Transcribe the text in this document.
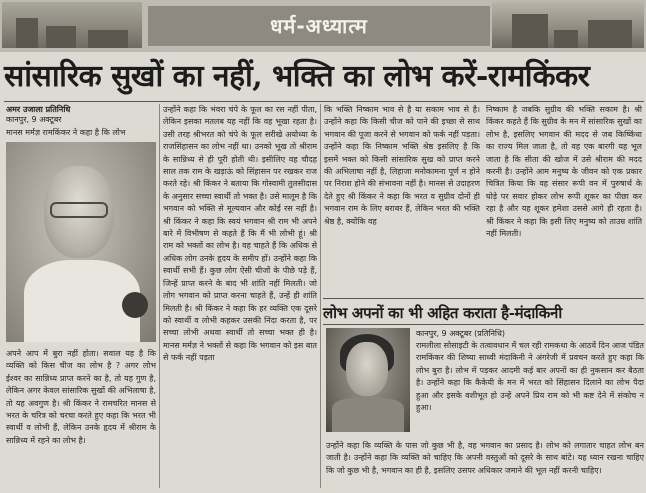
धर्म-अध्यात्म
सांसारिक सुखों का नहीं, भक्ति का लोभ करें-रामकिंकर
अमर उजाला प्रतिनिधि
कानपुर, 9 अक्टूबर

मानस मर्मज्ञ रामकिंकर ने कहा है कि लोभ

अपने आप में बुरा नहीं होता। सवाल यह है कि व्यक्ति को किस चीज का लोभ है ? अगर लोभ ईश्वर का सान्निध्य प्राप्त करने का है, तो यह गुण है, लेकिन अगर केवल सांसारिक सुखों की अभिलाषा है, तो यह अवगुण है। श्री किंकर ने रामचरित मानस से भरत के चरित्र को चरचा करते हुए कहा कि भरत भी स्वार्थी व लोभी हैं, लेकिन उनके हृदय में श्रीराम के सान्निध्य में रहने का लोभ है।

उन्होंने कहा कि भंवरा चंपे के फूल का रस नहीं पीता, लेकिन इसका मतलब यह नहीं कि वह भूखा रहता है। उसी तरह श्रीभरत को चंपे के फूल सरीखे अयोध्या के राजसिंहासन का लोभ नहीं था। उनको भूख तो श्रीराम के सान्निध्य से ही पूरी होती थी। इसीलिए वह चौदह साल तक राम के खड़ाऊं को सिंहासन पर रखकर राज करते रहे। श्री किंकर ने बताया कि गोस्वामी तुलसीदास के अनुसार सच्चा स्वार्थी तो भक्त है। उसे मालूम है कि भगवान को भक्ति से मूल्यवान और कोई रस नहीं है। श्री किंकर ने कहा कि स्वयं भगवान श्री राम भी अपने बारे में विभीषण से कहते हैं कि मैं भी लोभी हूं। श्री राम को भक्तों का लोभ है। वह चाहते हैं कि अधिक से अधिक लोग उनके हृदय के समीप हों। उन्होंने कहा कि स्वार्थी सभी हैं। कुछ लोग ऐसी चीजों के पीछे पड़े हैं, जिन्हें प्राप्त करने के बाद भी शांति नहीं मिलती। जो लोग भगवान को प्राप्त करना चाहते हैं, उन्हें ही शांति मिलती है। श्री किंकर ने कहा कि हर व्यक्ति एक दूसरे को स्वार्थी व लोभी कहकर उसकी निंदा करता है, पर सच्चा लोभी अथवा स्वार्थी तो सच्चा भक्त ही है। मानस मर्मज्ञ ने भक्तों से कहा कि भगवान को इस बात से फर्क नहीं पड़ता

कि भक्ति निष्काम भाव से है या सकाम भाव से है। उन्होंने कहा कि किसी चीज को पाने की इच्छा से साथ भगवान की पूजा करने से भगवान को फर्क नहीं पड़ता। उन्होंने कहा कि निष्काम भक्ति श्रेष्ठ इसलिए है कि इसमें भक्त को किसी सांसारिक सुख को प्राप्त करने की अभिलाषा नहीं है, लिहाजा मनोकामना पूर्ण न होने पर निराश होने की संभावना नहीं है। मानस से उदाहरण देते हुए श्री किंकर ने कहा कि भरत व सुग्रीव दोनों ही भगवान राम के लिए बराबर हैं, लेकिन भरत की भक्ति श्रेष्ठ है, क्योंकि वह

निष्काम है जबकि सुग्रीव की भक्ति सकाम है। श्री किंकर कहते हैं कि सुग्रीव के मन में सांसारिक सुखों का लोभ है, इसलिए भगवान की मदद से जब किष्किंधा का राज्य मिल जाता है, तो वह एक बारगी यह भूल जाता है कि सीता की खोज में उसे श्रीराम की मदद करनी है। उन्होंने आम मनुष्य के जीवन को एक प्रकार चित्रित किया कि वह संसार रूपी वन में पुरुषार्थ के घोड़े पर सवार होकर लोभ रूपी शूकर का पीछा कर रहा है और यह शूकर हमेशा उससे आगे ही रहता है। श्री किंकर ने कहा कि इसी लिए मनुष्य को ताउम्र शांति नहीं मिलती।

लोभ अपनों का भी अहित कराता है-मंदाकिनी
कानपुर, 9 अक्टूबर (प्रतिनिधि)

रामलीला सोसाइटी के तत्वावधान में चल रही रामकथा के आठवें दिन आज पंडित रामकिंकर की शिष्या साध्वी मंदाकिनी ने अंगरेजी में प्रवचन करते हुए कहा कि लोभ बुरा है। लोभ में पड़कर आदमी कई बार अपनों का ही नुकसान कर बैठता है। उन्होंने कहा कि कैकेयी के मन में भरत को सिंहासन दिलाने का लोभ पैदा हुआ और इसके वशीभूत हो उन्हें अपने प्रिय राम को भी कष्ट देने में संकोच न हुआ।

उन्होंने कहा कि व्यक्ति के पास जो कुछ भी है, वह भगवान का प्रसाद है। लोभ को लगातार चाहत लोभ बन जाती है। उन्होंने कहा कि व्यक्ति को चाहिए कि अपनी वस्तुओं को दूसरे के साथ बांटे। यह ध्यान रखना चाहिए कि जो कुछ भी है, भगवान का ही है, इसलिए उसपर अधिकार जमाने की भूल नहीं करनी चाहिए।
